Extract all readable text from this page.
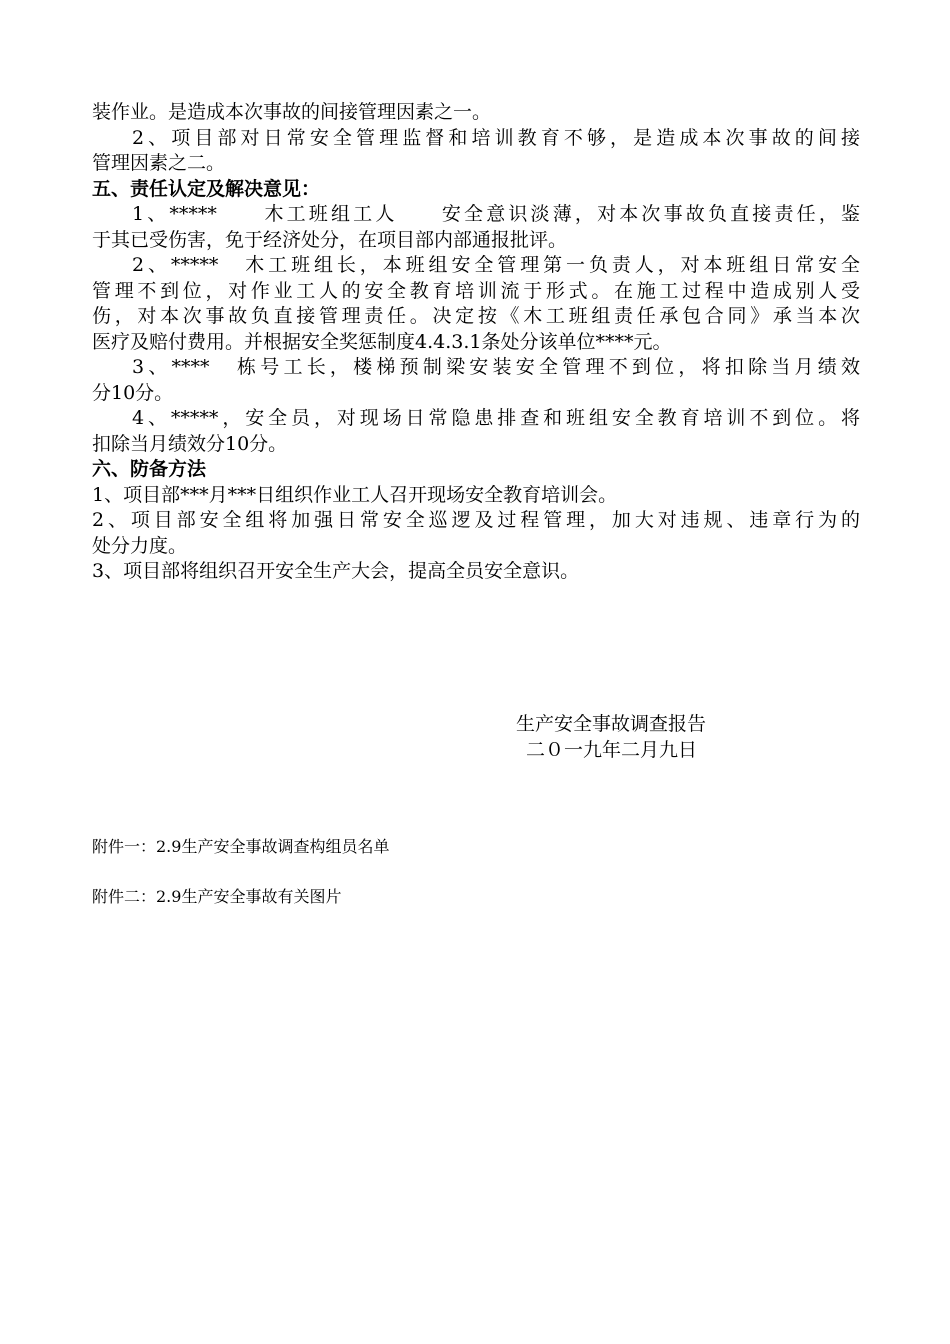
装作业。是造成本次事故的间接管理因素之一。

2、项目部对日常安全管理监督和培训教育不够，是造成本次事故的间接

管理因素之二。

五、责任认定及解决意见：

1、*****　　木工班组工人　　安全意识淡薄，对本次事故负直接责任，鉴

于其已受伤害，免于经济处分，在项目部内部通报批评。

2、*****　木工班组长，本班组安全管理第一负责人，对本班组日常安全

管理不到位，对作业工人的安全教育培训流于形式。在施工过程中造成别人受

伤，对本次事故负直接管理责任。决定按《木工班组责任承包合同》承当本次

医疗及赔付费用。并根据安全奖惩制度4.4.3.1条处分该单位****元。

3、****　栋号工长，楼梯预制梁安装安全管理不到位，将扣除当月绩效

分10分。

4、*****，安全员，对现场日常隐患排查和班组安全教育培训不到位。将

扣除当月绩效分10分。

六、防备方法

1、项目部***月***日组织作业工人召开现场安全教育培训会。

2、项目部安全组将加强日常安全巡逻及过程管理，加大对违规、违章行为的

处分力度。

3、项目部将组织召开安全生产大会，提高全员安全意识。

生产安全事故调查报告
二０一九年二月九日
附件一：2.9生产安全事故调查构组员名单
附件二：2.9生产安全事故有关图片
